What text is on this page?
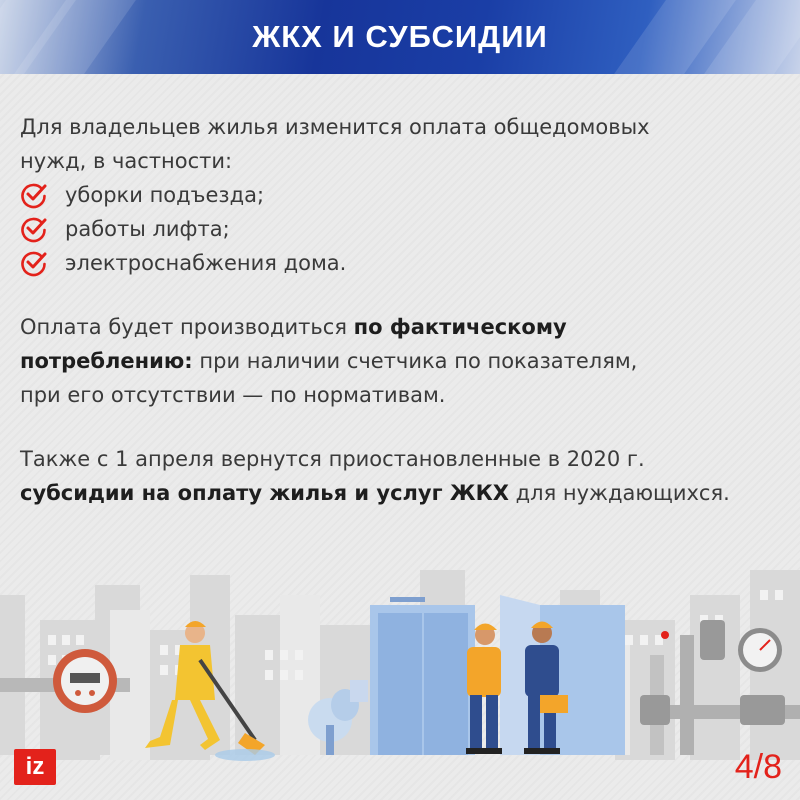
ЖКХ И СУБСИДИИ
Для владельцев жилья изменится оплата общедомовых
нужд, в частности:
уборки подъезда;
работы лифта;
электроснабжения дома.
Оплата будет производиться по фактическому
потреблению: при наличии счетчика по показателям,
при его отсутствии — по нормативам.
Также с 1 апреля вернутся приостановленные в 2020 г.
субсидии на оплату жилья и услуг ЖКХ для нуждающихся.
iz	4/8
